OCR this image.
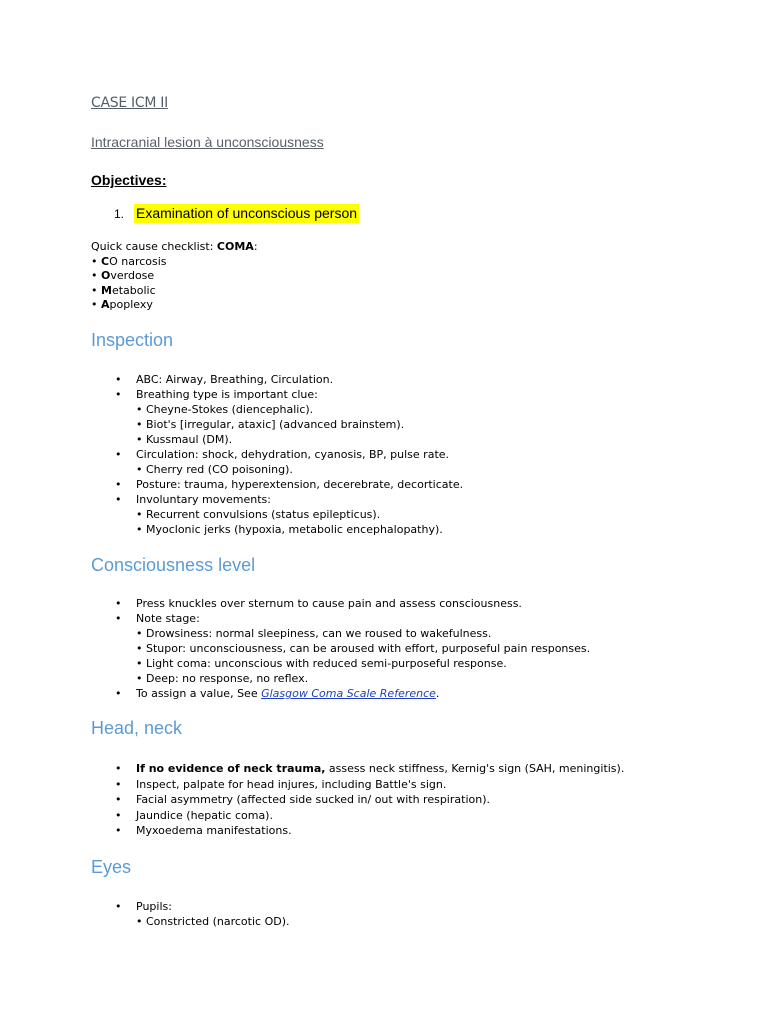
CASE ICM II
Intracranial lesion à unconsciousness
Objectives:
1. Examination of unconscious person
Quick cause checklist: COMA:
• CO narcosis
• Overdose
• Metabolic
• Apoplexy
Inspection
• ABC: Airway, Breathing, Circulation.
• Breathing type is important clue:
• Cheyne-Stokes (diencephalic).
• Biot's [irregular, ataxic] (advanced brainstem).
• Kussmaul (DM).
• Circulation: shock, dehydration, cyanosis, BP, pulse rate.
• Cherry red (CO poisoning).
• Posture: trauma, hyperextension, decerebrate, decorticate.
• Involuntary movements:
• Recurrent convulsions (status epilepticus).
• Myoclonic jerks (hypoxia, metabolic encephalopathy).
Consciousness level
• Press knuckles over sternum to cause pain and assess consciousness.
• Note stage:
• Drowsiness: normal sleepiness, can we roused to wakefulness.
• Stupor: unconsciousness, can be aroused with effort, purposeful pain responses.
• Light coma: unconscious with reduced semi-purposeful response.
• Deep: no response, no reflex.
• To assign a value, See Glasgow Coma Scale Reference.
Head, neck
• If no evidence of neck trauma, assess neck stiffness, Kernig's sign (SAH, meningitis).
• Inspect, palpate for head injures, including Battle's sign.
• Facial asymmetry (affected side sucked in/ out with respiration).
• Jaundice (hepatic coma).
• Myxoedema manifestations.
Eyes
• Pupils:
• Constricted (narcotic OD).
